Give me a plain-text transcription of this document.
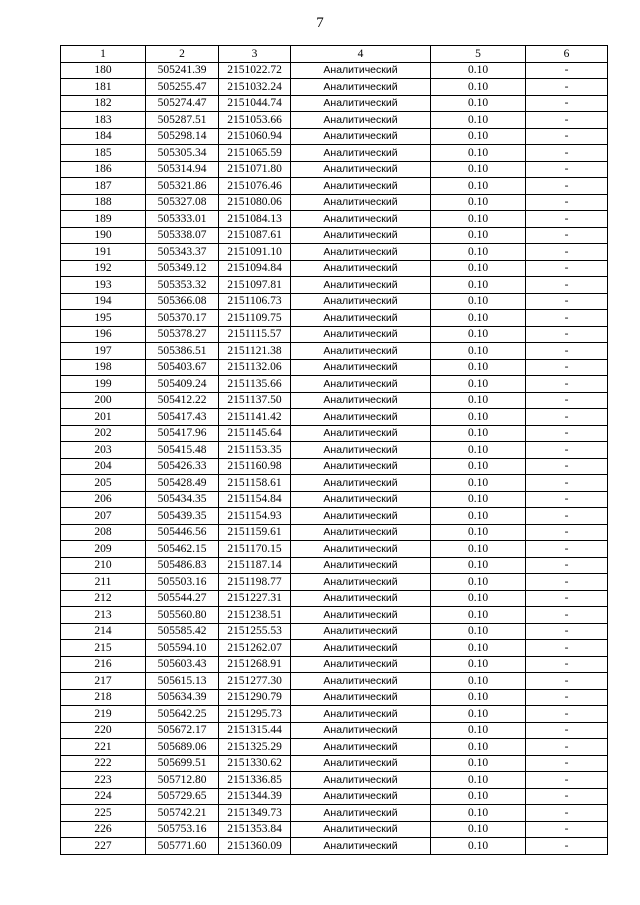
7
1	2	3	4	5	6
180	505241.39	2151022.72	Аналитический	0.10	-
181	505255.47	2151032.24	Аналитический	0.10	-
182	505274.47	2151044.74	Аналитический	0.10	-
183	505287.51	2151053.66	Аналитический	0.10	-
184	505298.14	2151060.94	Аналитический	0.10	-
185	505305.34	2151065.59	Аналитический	0.10	-
186	505314.94	2151071.80	Аналитический	0.10	-
187	505321.86	2151076.46	Аналитический	0.10	-
188	505327.08	2151080.06	Аналитический	0.10	-
189	505333.01	2151084.13	Аналитический	0.10	-
190	505338.07	2151087.61	Аналитический	0.10	-
191	505343.37	2151091.10	Аналитический	0.10	-
192	505349.12	2151094.84	Аналитический	0.10	-
193	505353.32	2151097.81	Аналитический	0.10	-
194	505366.08	2151106.73	Аналитический	0.10	-
195	505370.17	2151109.75	Аналитический	0.10	-
196	505378.27	2151115.57	Аналитический	0.10	-
197	505386.51	2151121.38	Аналитический	0.10	-
198	505403.67	2151132.06	Аналитический	0.10	-
199	505409.24	2151135.66	Аналитический	0.10	-
200	505412.22	2151137.50	Аналитический	0.10	-
201	505417.43	2151141.42	Аналитический	0.10	-
202	505417.96	2151145.64	Аналитический	0.10	-
203	505415.48	2151153.35	Аналитический	0.10	-
204	505426.33	2151160.98	Аналитический	0.10	-
205	505428.49	2151158.61	Аналитический	0.10	-
206	505434.35	2151154.84	Аналитический	0.10	-
207	505439.35	2151154.93	Аналитический	0.10	-
208	505446.56	2151159.61	Аналитический	0.10	-
209	505462.15	2151170.15	Аналитический	0.10	-
210	505486.83	2151187.14	Аналитический	0.10	-
211	505503.16	2151198.77	Аналитический	0.10	-
212	505544.27	2151227.31	Аналитический	0.10	-
213	505560.80	2151238.51	Аналитический	0.10	-
214	505585.42	2151255.53	Аналитический	0.10	-
215	505594.10	2151262.07	Аналитический	0.10	-
216	505603.43	2151268.91	Аналитический	0.10	-
217	505615.13	2151277.30	Аналитический	0.10	-
218	505634.39	2151290.79	Аналитический	0.10	-
219	505642.25	2151295.73	Аналитический	0.10	-
220	505672.17	2151315.44	Аналитический	0.10	-
221	505689.06	2151325.29	Аналитический	0.10	-
222	505699.51	2151330.62	Аналитический	0.10	-
223	505712.80	2151336.85	Аналитический	0.10	-
224	505729.65	2151344.39	Аналитический	0.10	-
225	505742.21	2151349.73	Аналитический	0.10	-
226	505753.16	2151353.84	Аналитический	0.10	-
227	505771.60	2151360.09	Аналитический	0.10	-
